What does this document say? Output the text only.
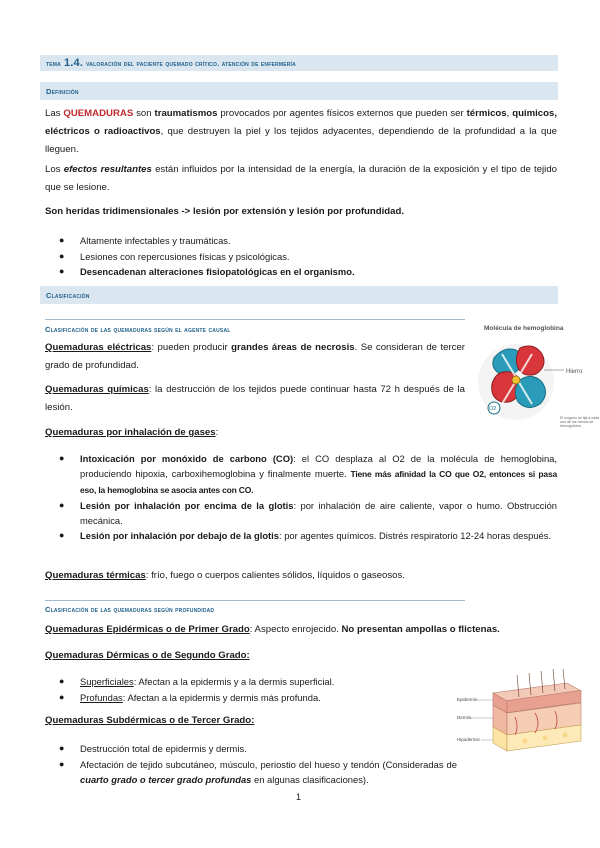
tema 1.4. valoración del paciente quemado crítico. atención de enfermería
Definición
Las QUEMADURAS son traumatismos provocados por agentes físicos externos que pueden ser térmicos, químicos, eléctricos o radioactivos, que destruyen la piel y los tejidos adyacentes, dependiendo de la profundidad a la que lleguen.
Los efectos resultantes están influidos por la intensidad de la energía, la duración de la exposición y el tipo de tejido que se lesione.
Son heridas tridimensionales -> lesión por extensión y lesión por profundidad.
● Altamente infectables y traumáticas.
● Lesiones con repercusiones físicas y psicológicas.
● Desencadenan alteraciones fisiopatológicas en el organismo.
Clasificación
Clasificación de las quemaduras según el agente causal
Quemaduras eléctricas: pueden producir grandes áreas de necrosis. Se consideran de tercer grado de profundidad.
Quemaduras químicas: la destrucción de los tejidos puede continuar hasta 72 h después de la lesión.
Quemaduras por inhalación de gases:
● Intoxicación por monóxido de carbono (CO): el CO desplaza al O2 de la molécula de hemoglobina, produciendo hipoxia, carboxihemoglobina y finalmente muerte. Tiene más afinidad la CO que O2, entonces si pasa eso, la hemoglobina se asocia antes con CO.
● Lesión por inhalación por encima de la glotis: por inhalación de aire caliente, vapor o humo. Obstrucción mecánica.
● Lesión por inhalación por debajo de la glotis: por agentes químicos. Distrés respiratorio 12-24 horas después.
Quemaduras térmicas: frío, fuego o cuerpos calientes sólidos, líquidos o gaseosos.
Clasificación de las quemaduras según profundidad
Quemaduras Epidérmicas o de Primer Grado: Aspecto enrojecido. No presentan ampollas o flictenas.
Quemaduras Dérmicas o de Segundo Grado:
● Superficiales: Afectan a la epidermis y a la dermis superficial.
● Profundas: Afectan a la epidermis y dermis más profunda.
Quemaduras Subdérmicas o de Tercer Grado:
● Destrucción total de epidermis y dermis.
● Afectación de tejido subcutáneo, músculo, periostio del hueso y tendón (Consideradas de cuarto grado o tercer grado profundas en algunas clasificaciones).
Molécula de hemoglobina
Hierro
O2
El oxígeno se fija a cada uno de los hemos de hemoglobina
Epidermis
Dermis
Hipodermis
1
